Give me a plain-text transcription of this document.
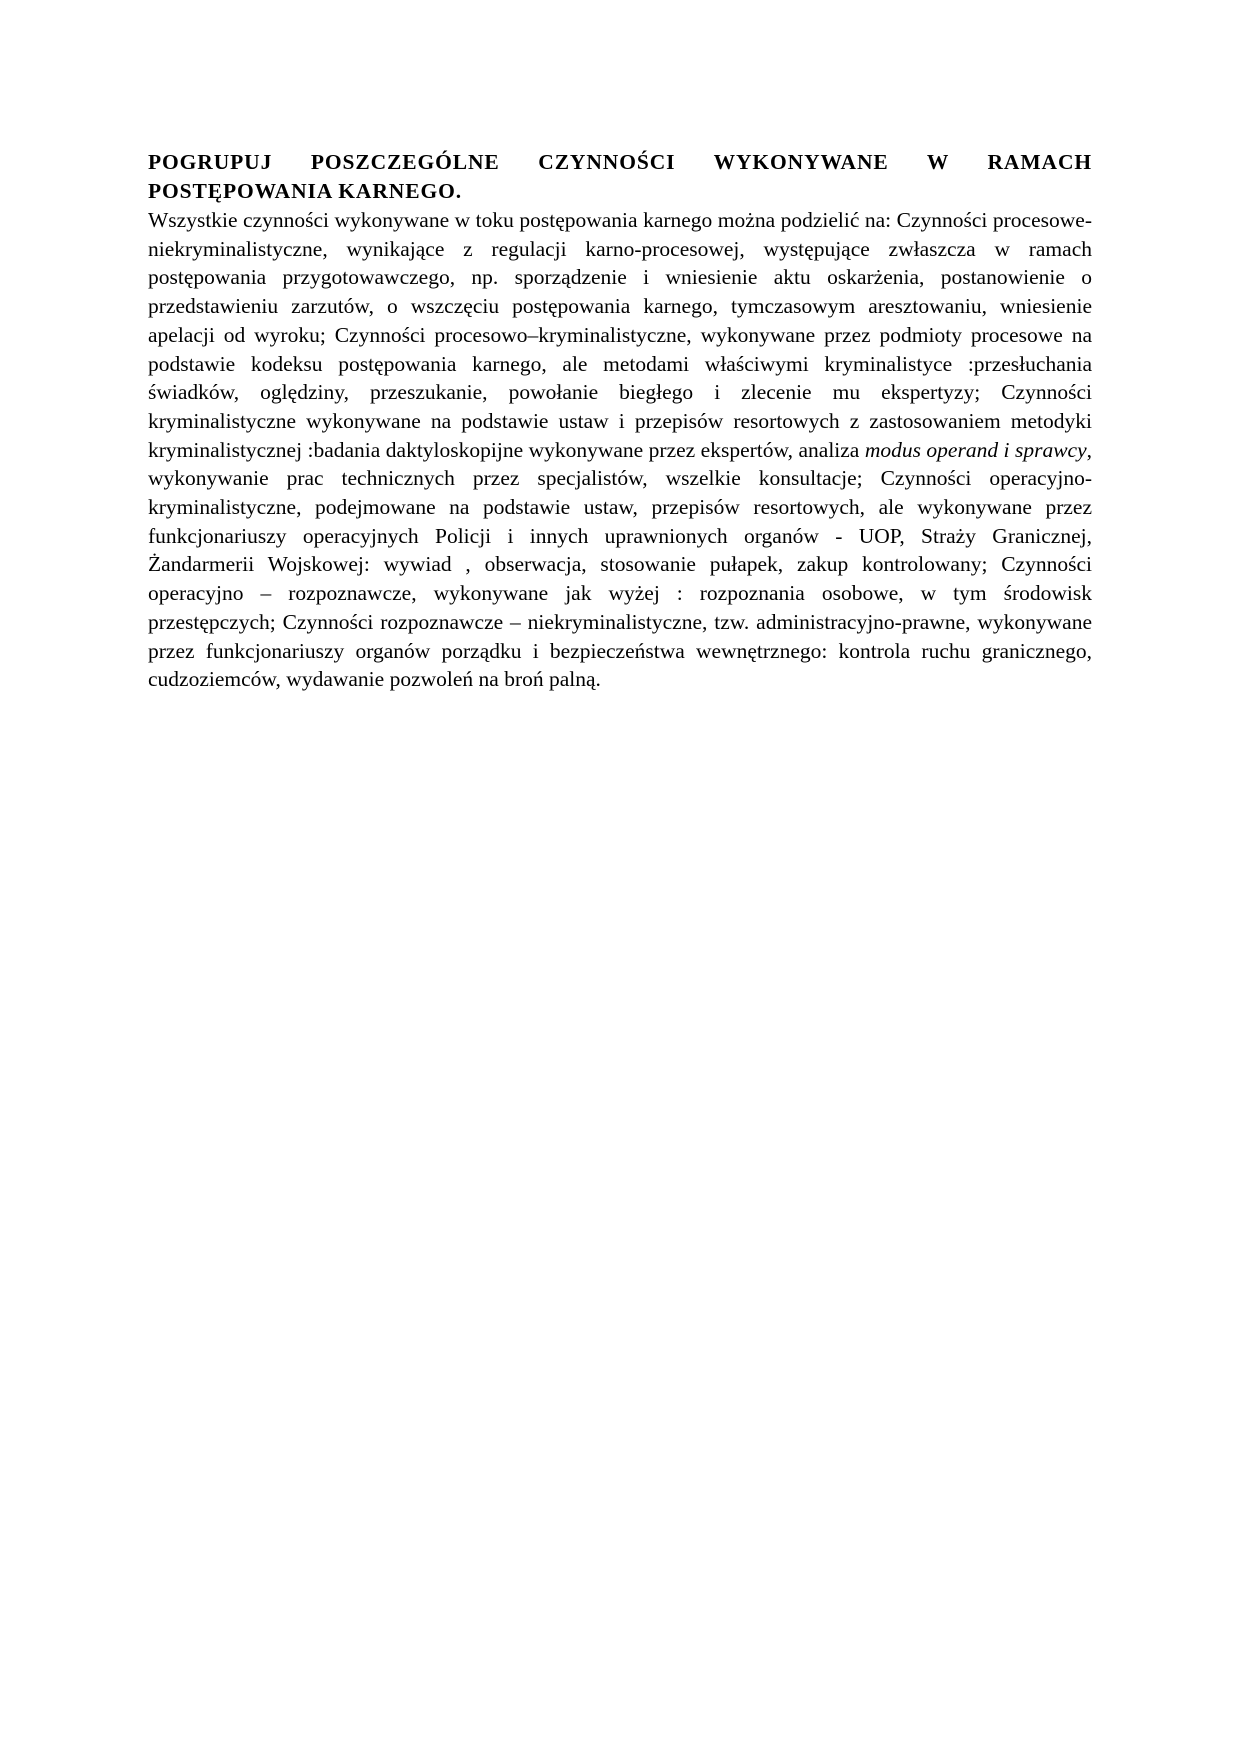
POGRUPUJ POSZCZEGÓLNE CZYNNOŚCI WYKONYWANE W RAMACH POSTĘPOWANIA KARNEGO.

Wszystkie czynności wykonywane w toku postępowania karnego można podzielić na: Czynności procesowe- niekryminalistyczne, wynikające z regulacji karno-procesowej, występujące zwłaszcza w ramach postępowania przygotowawczego, np. sporządzenie i wniesienie aktu oskarżenia, postanowienie o przedstawieniu zarzutów, o wszczęciu postępowania karnego, tymczasowym aresztowaniu, wniesienie apelacji od wyroku; Czynności procesowo–kryminalistyczne, wykonywane przez podmioty procesowe na podstawie kodeksu postępowania karnego, ale metodami właściwymi kryminalistyce :przesłuchania świadków, oględziny, przeszukanie, powołanie biegłego i zlecenie mu ekspertyzy; Czynności kryminalistyczne wykonywane na podstawie ustaw i przepisów resortowych z zastosowaniem metodyki kryminalistycznej :badania daktyloskopijne wykonywane przez ekspertów, analiza modus operand i sprawcy, wykonywanie prac technicznych przez specjalistów, wszelkie konsultacje; Czynności operacyjno-kryminalistyczne, podejmowane na podstawie ustaw, przepisów resortowych, ale wykonywane przez funkcjonariuszy operacyjnych Policji i innych uprawnionych organów - UOP, Straży Granicznej, Żandarmerii Wojskowej: wywiad , obserwacja, stosowanie pułapek, zakup kontrolowany; Czynności operacyjno – rozpoznawcze, wykonywane jak wyżej : rozpoznania osobowe, w tym środowisk przestępczych; Czynności rozpoznawcze – niekryminalistyczne, tzw. administracyjno-prawne, wykonywane przez funkcjonariuszy organów porządku i bezpieczeństwa wewnętrznego: kontrola ruchu granicznego, cudzoziemców, wydawanie pozwoleń na broń palną.
